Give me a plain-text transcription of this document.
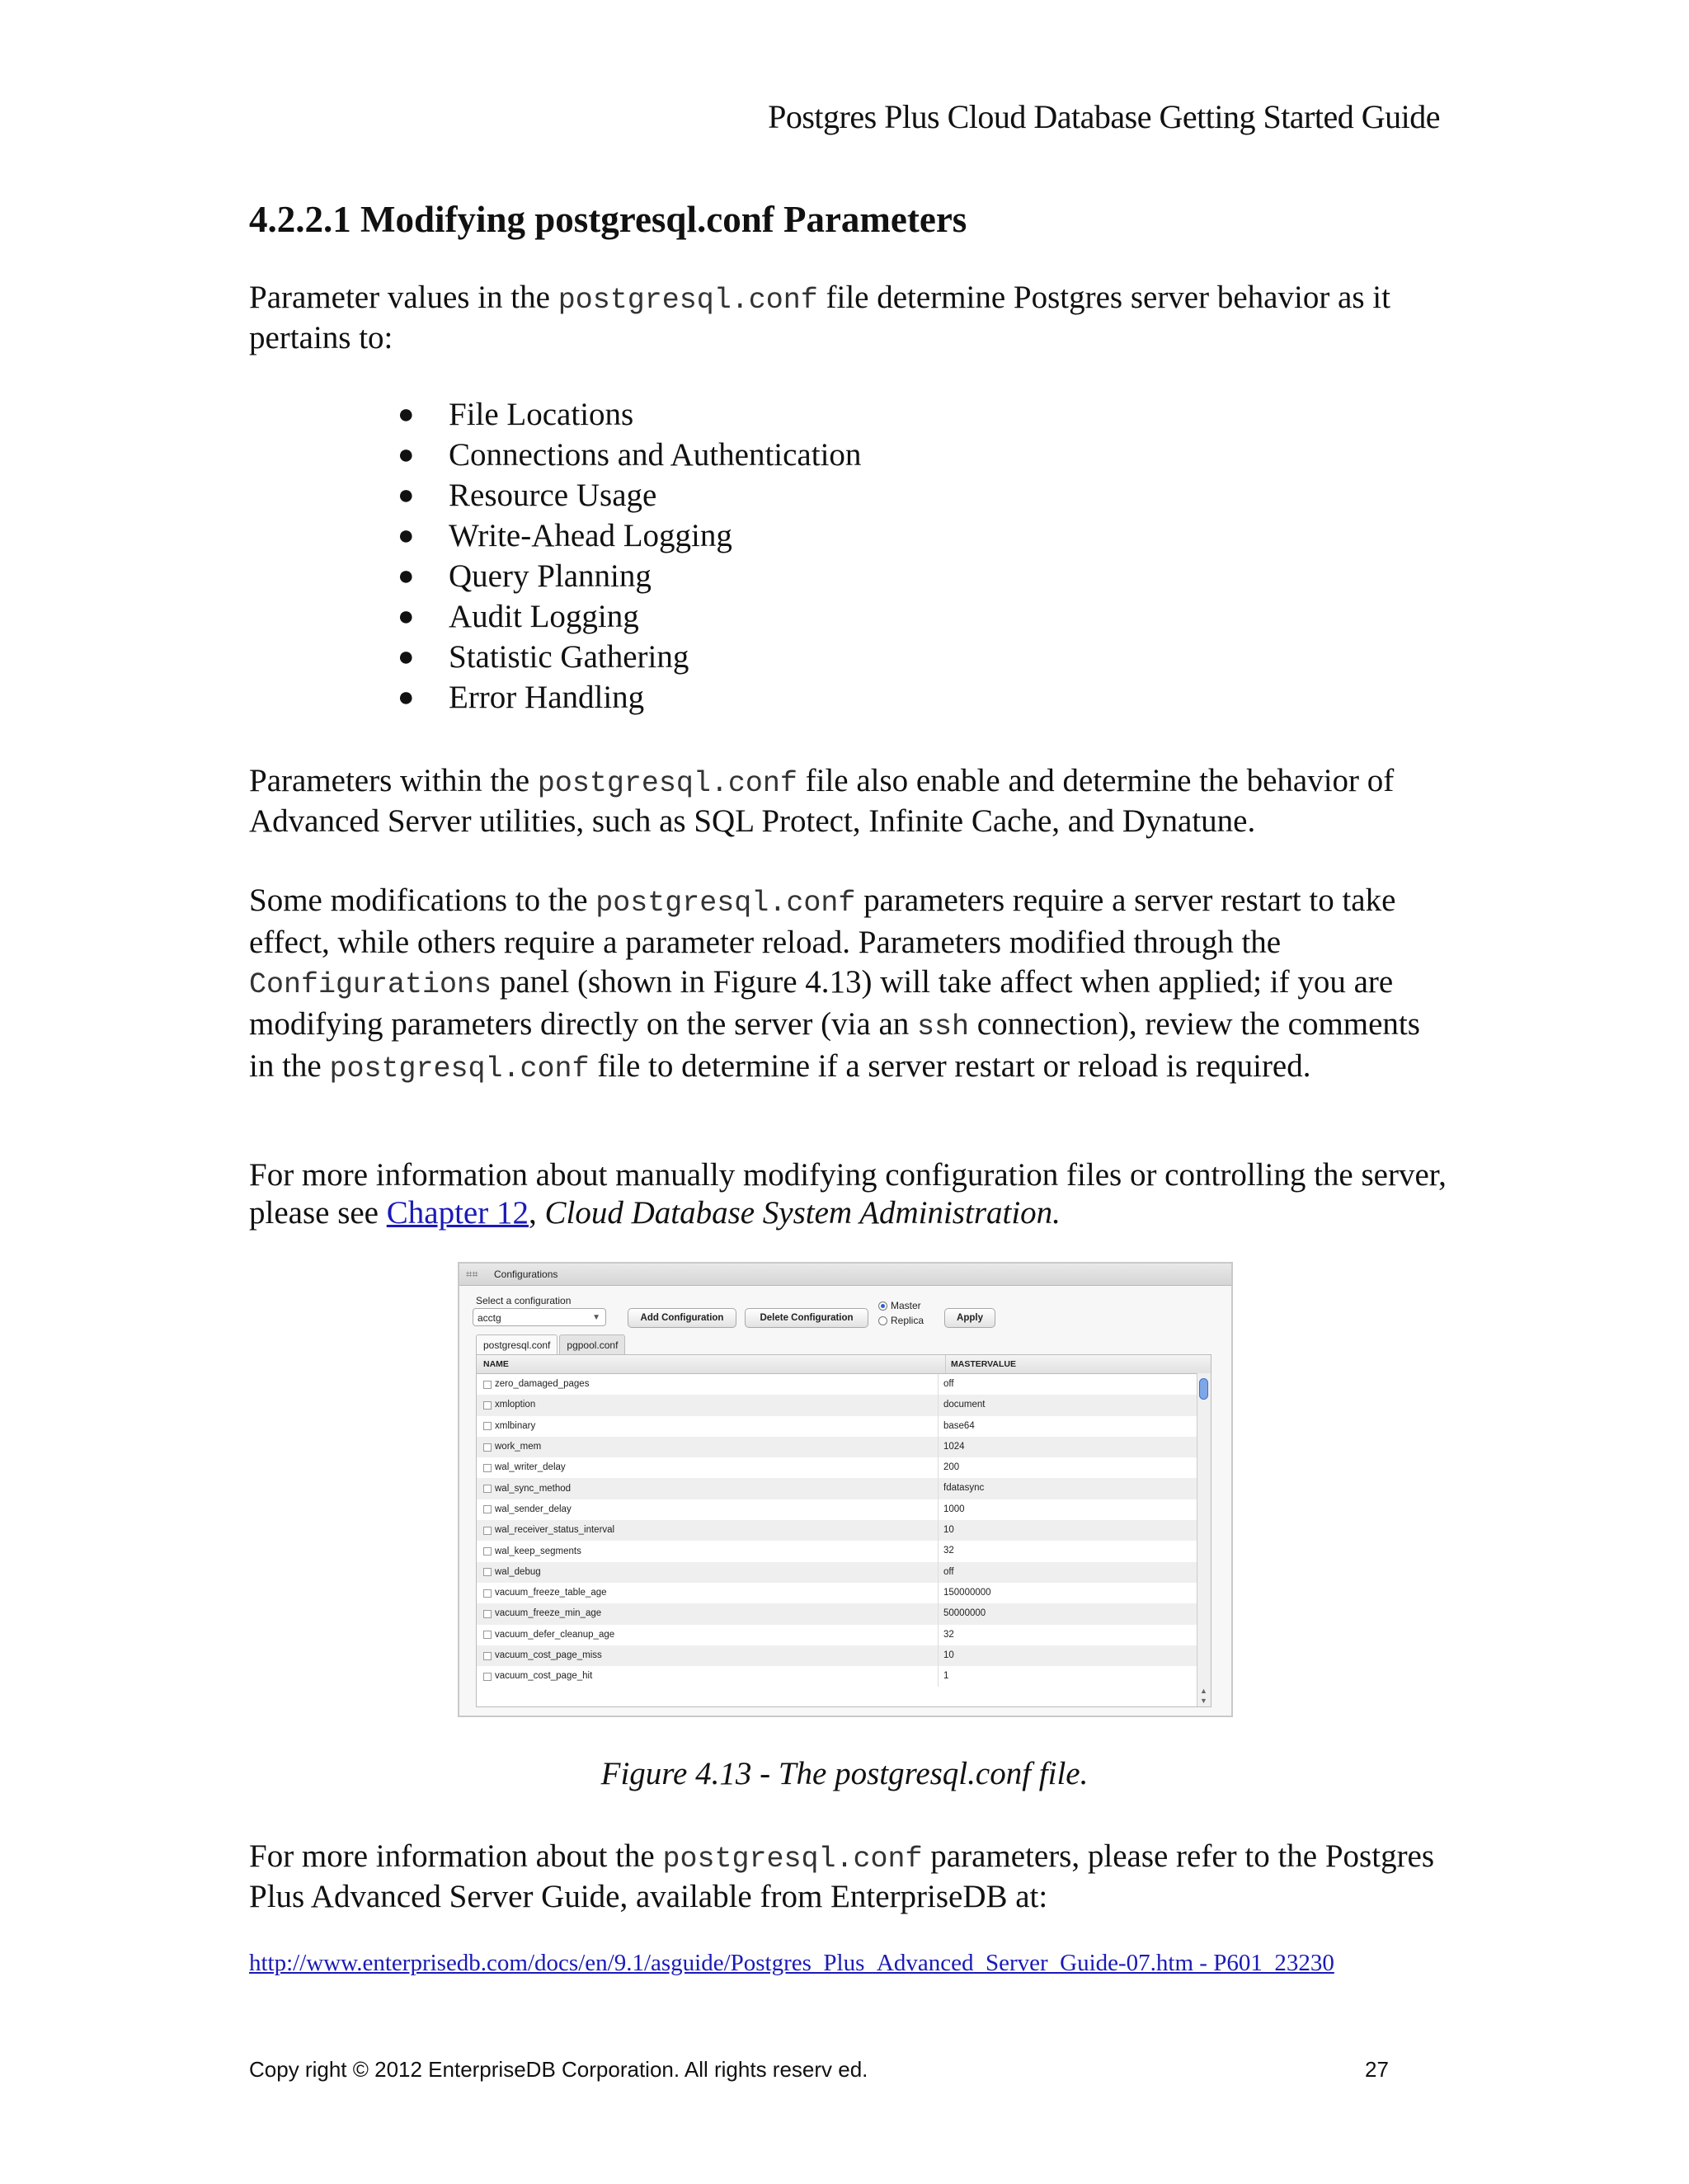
Postgres Plus Cloud Database Getting Started Guide
4.2.2.1 Modifying postgresql.conf Parameters

Parameter values in the postgresql.conf file determine Postgres server behavior as it pertains to:

● File Locations
● Connections and Authentication
● Resource Usage
● Write-Ahead Logging
● Query Planning
● Audit Logging
● Statistic Gathering
● Error Handling

Parameters within the postgresql.conf file also enable and determine the behavior of Advanced Server utilities, such as SQL Protect, Infinite Cache, and Dynatune.

Some modifications to the postgresql.conf parameters require a server restart to take effect, while others require a parameter reload. Parameters modified through the Configurations panel (shown in Figure 4.13) will take affect when applied; if you are modifying parameters directly on the server (via an ssh connection), review the comments in the postgresql.conf file to determine if a server restart or reload is required.

For more information about manually modifying configuration files or controlling the server, please see Chapter 12, Cloud Database System Administration.

⌗⌗	Configurations
Select a configuration
acctg	▼	Add Configuration	Delete Configuration
Master
Replica	Apply
postgresql.conf	pgpool.conf
NAME	MASTERVALUE
zero_damaged_pages	off
xmloption	document
xmlbinary	base64
work_mem	1024
wal_writer_delay	200
wal_sync_method	fdatasync
wal_sender_delay	1000
wal_receiver_status_interval	10
wal_keep_segments	32
wal_debug	off
vacuum_freeze_table_age	150000000
vacuum_freeze_min_age	50000000
vacuum_defer_cleanup_age	32
vacuum_cost_page_miss	10
vacuum_cost_page_hit	1
▲
▼
Figure 4.13 - The postgresql.conf file.

For more information about the postgresql.conf parameters, please refer to the Postgres Plus Advanced Server Guide, available from EnterpriseDB at:

http://www.enterprisedb.com/docs/en/9.1/asguide/Postgres_Plus_Advanced_Server_Guide-07.htm - P601_23230
Copy right © 2012 EnterpriseDB Corporation. All rights reserv ed.	27
